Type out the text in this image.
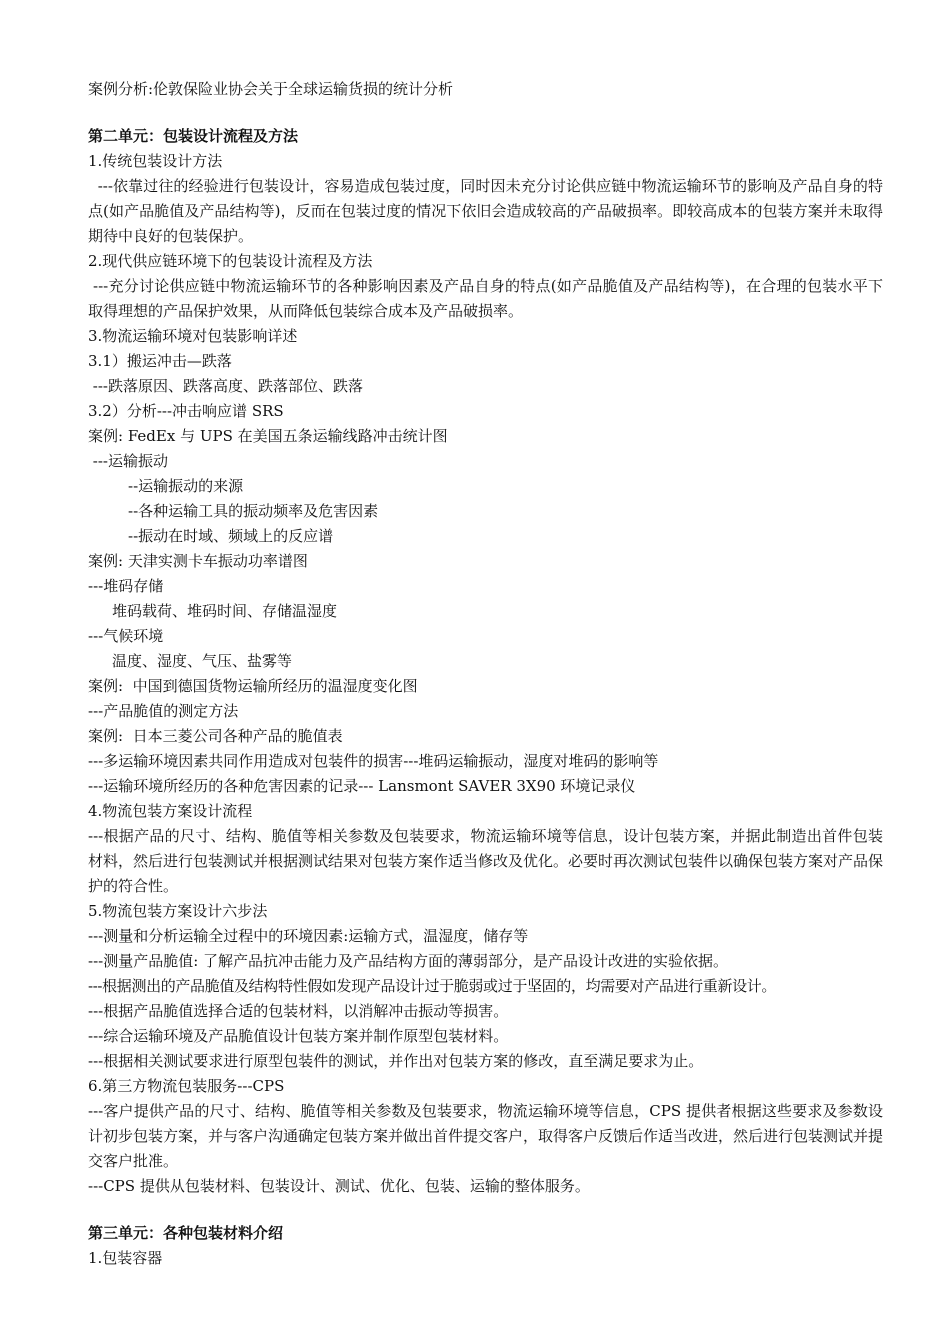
案例分析:伦敦保险业协会关于全球运输货损的统计分析

第二单元：包装设计流程及方法

1.传统包装设计方法

---依靠过往的经验进行包装设计，容易造成包装过度，同时因未充分讨论供应链中物流运输环节的影响及产品自身的特点(如产品脆值及产品结构等)，反而在包装过度的情况下依旧会造成较高的产品破损率。即较高成本的包装方案并未取得期待中良好的包装保护。

2.现代供应链环境下的包装设计流程及方法

---充分讨论供应链中物流运输环节的各种影响因素及产品自身的特点(如产品脆值及产品结构等)，在合理的包装水平下取得理想的产品保护效果，从而降低包装综合成本及产品破损率。

3.物流运输环境对包装影响详述

3.1）搬运冲击—跌落

---跌落原因、跌落高度、跌落部位、跌落

3.2）分析---冲击响应谱 SRS

案例: FedEx 与 UPS 在美国五条运输线路冲击统计图

---运输振动

--运输振动的来源

--各种运输工具的振动频率及危害因素

--振动在时域、频域上的反应谱

案例: 天津实测卡车振动功率谱图

---堆码存储

堆码载荷、堆码时间、存储温湿度

---气候环境

温度、湿度、气压、盐雾等

案例:  中国到德国货物运输所经历的温湿度变化图

---产品脆值的测定方法

案例:  日本三菱公司各种产品的脆值表

---多运输环境因素共同作用造成对包装件的损害---堆码运输振动，湿度对堆码的影响等

---运输环境所经历的各种危害因素的记录--- Lansmont SAVER 3X90 环境记录仪

4.物流包装方案设计流程

---根据产品的尺寸、结构、脆值等相关参数及包装要求，物流运输环境等信息，设计包装方案，并据此制造出首件包装材料，然后进行包装测试并根据测试结果对包装方案作适当修改及优化。必要时再次测试包装件以确保包装方案对产品保护的符合性。

5.物流包装方案设计六步法

---测量和分析运输全过程中的环境因素:运输方式，温湿度，储存等

---测量产品脆值: 了解产品抗冲击能力及产品结构方面的薄弱部分，是产品设计改进的实验依据。

---根据测出的产品脆值及结构特性假如发现产品设计过于脆弱或过于坚固的，均需要对产品进行重新设计。

---根据产品脆值选择合适的包装材料，以消解冲击振动等损害。

---综合运输环境及产品脆值设计包装方案并制作原型包装材料。

---根据相关测试要求进行原型包装件的测试，并作出对包装方案的修改，直至满足要求为止。

6.第三方物流包装服务---CPS

---客户提供产品的尺寸、结构、脆值等相关参数及包装要求，物流运输环境等信息，CPS 提供者根据这些要求及参数设计初步包装方案，并与客户沟通确定包装方案并做出首件提交客户，取得客户反馈后作适当改进，然后进行包装测试并提交客户批准。

---CPS 提供从包装材料、包装设计、测试、优化、包装、运输的整体服务。

第三单元：各种包装材料介绍

1.包装容器
